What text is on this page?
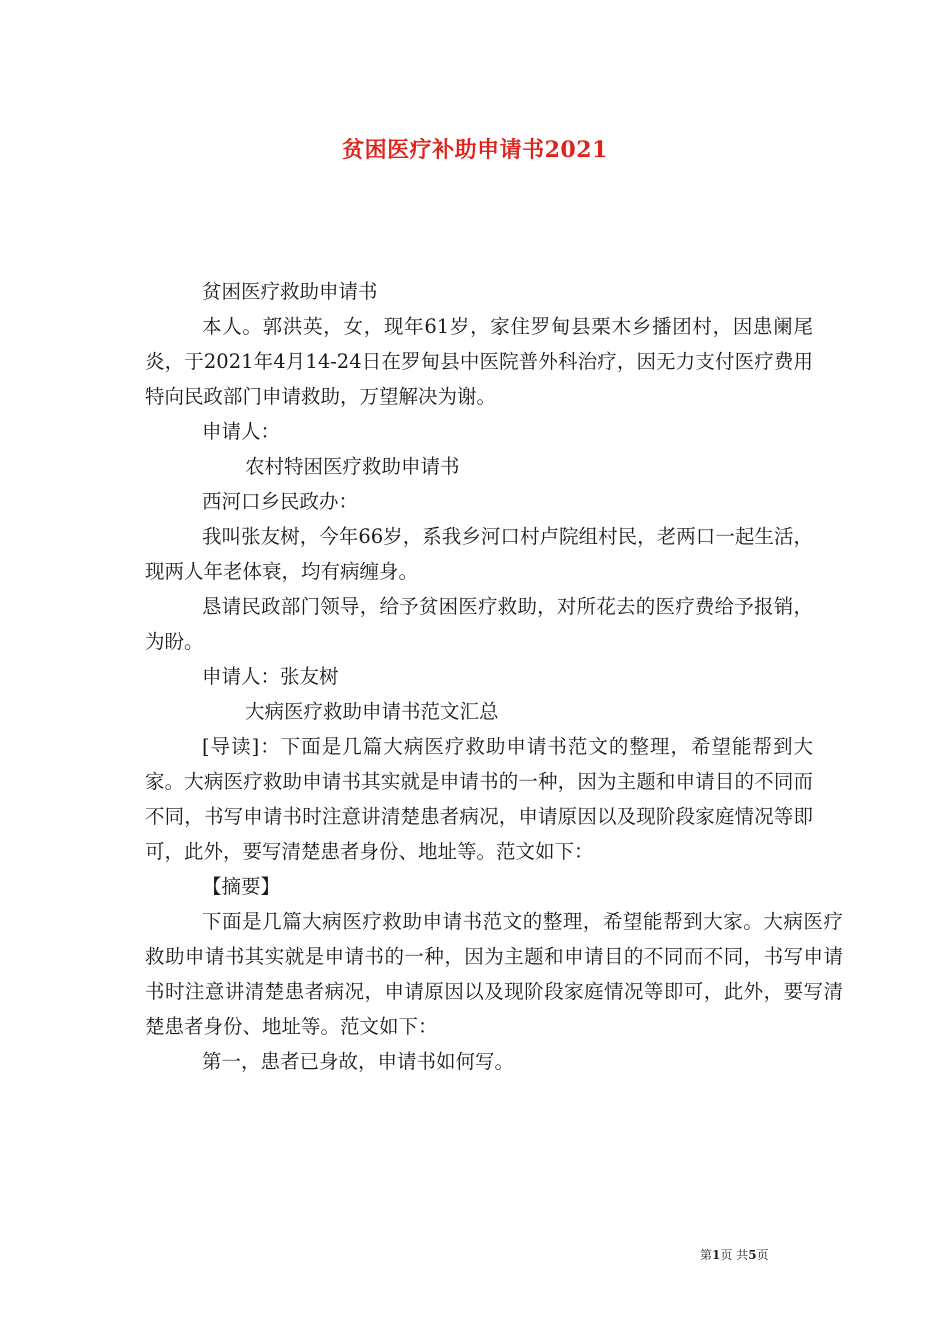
贫困医疗补助申请书2021

贫困医疗救助申请书

本人。郭洪英，女，现年61岁，家住罗甸县栗木乡播团村，因患阑尾炎，于2021年4月14-24日在罗甸县中医院普外科治疗，因无力支付医疗费用特向民政部门申请救助，万望解决为谢。

申请人：

农村特困医疗救助申请书

西河口乡民政办：

我叫张友树，今年66岁，系我乡河口村卢院组村民，老两口一起生活，现两人年老体衰，均有病缠身。

恳请民政部门领导，给予贫困医疗救助，对所花去的医疗费给予报销，为盼。

申请人：张友树

大病医疗救助申请书范文汇总

[导读]：下面是几篇大病医疗救助申请书范文的整理，希望能帮到大家。大病医疗救助申请书其实就是申请书的一种，因为主题和申请目的不同而不同，书写申请书时注意讲清楚患者病况，申请原因以及现阶段家庭情况等即可，此外，要写清楚患者身份、地址等。范文如下：

【摘要】

下面是几篇大病医疗救助申请书范文的整理，希望能帮到大家。大病医疗救助申请书其实就是申请书的一种，因为主题和申请目的不同而不同，书写申请书时注意讲清楚患者病况，申请原因以及现阶段家庭情况等即可，此外，要写清楚患者身份、地址等。范文如下：

第一，患者已身故，申请书如何写。

第1页 共5页
